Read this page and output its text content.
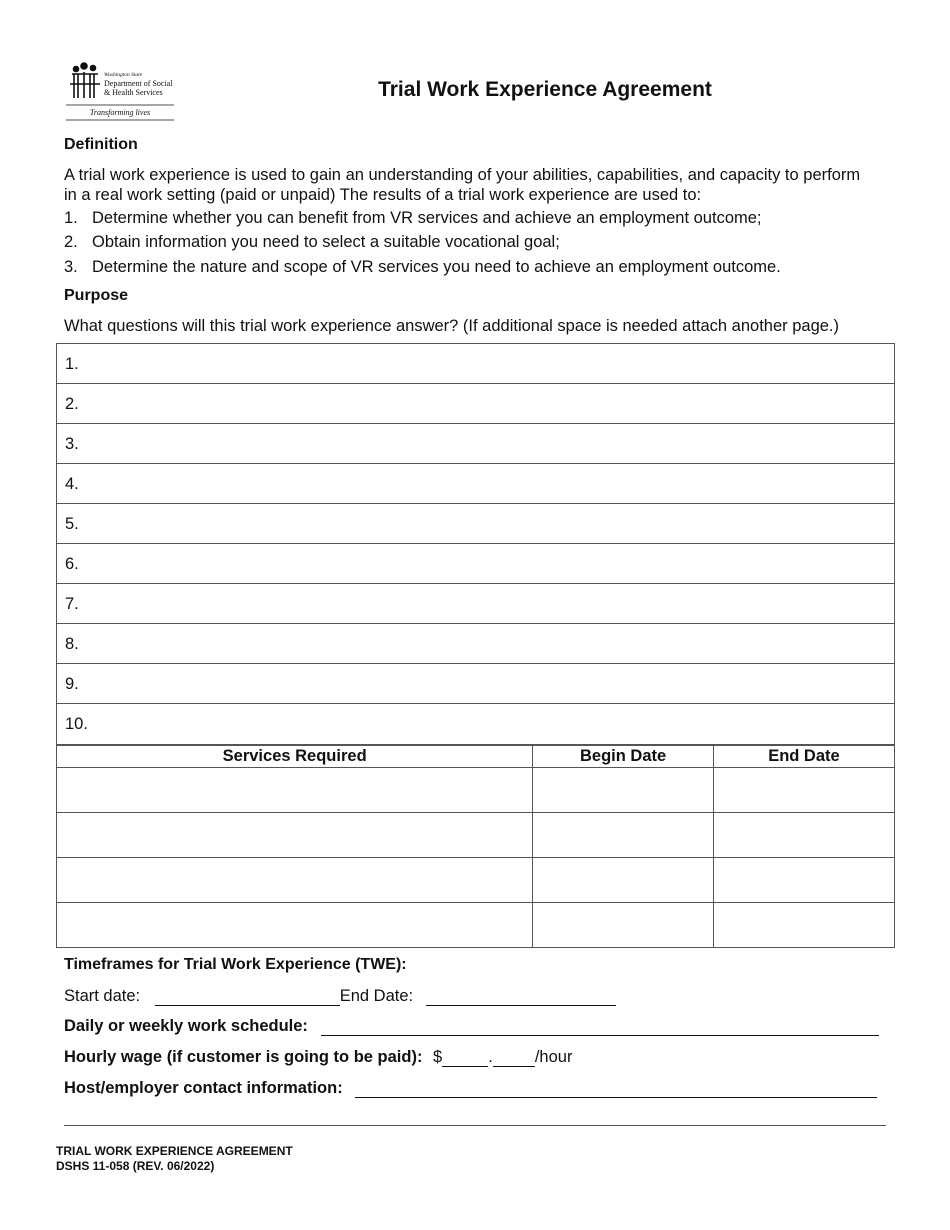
Washington State
Department of Social
& Health Services
Transforming lives
Trial Work Experience Agreement
Definition
A trial work experience is used to gain an understanding of your abilities, capabilities, and capacity to perform in a real work setting (paid or unpaid) The results of a trial work experience are used to:
1. Determine whether you can benefit from VR services and achieve an employment outcome;
2. Obtain information you need to select a suitable vocational goal;
3. Determine the nature and scope of VR services you need to achieve an employment outcome.
Purpose
What questions will this trial work experience answer? (If additional space is needed attach another page.)
1.
2.
3.
4.
5.
6.
7.
8.
9.
10.
Services Required	Begin Date	End Date

Timeframes for Trial Work Experience (TWE):
Start date:	End Date:
Daily or weekly work schedule:
Hourly wage (if customer is going to be paid): $	.	/hour
Host/employer contact information:
TRIAL WORK EXPERIENCE AGREEMENT
DSHS 11-058 (REV. 06/2022)
